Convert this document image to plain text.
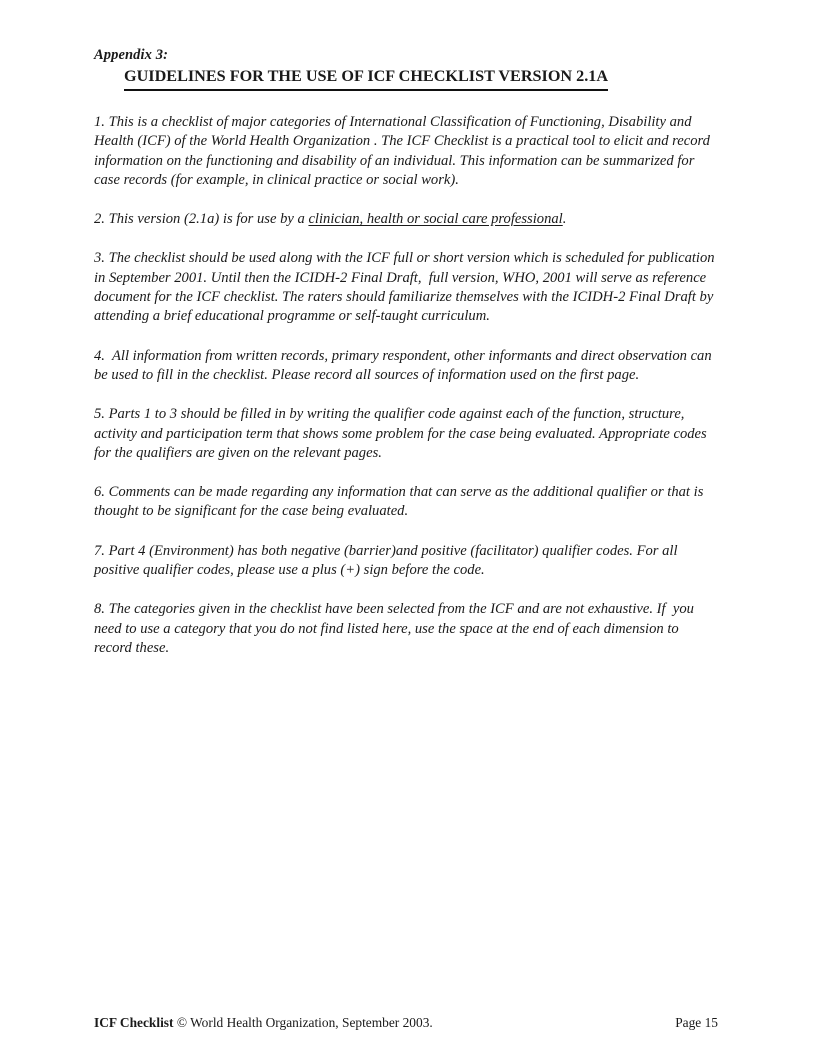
Appendix 3:
GUIDELINES FOR THE USE OF ICF CHECKLIST VERSION 2.1A

1. This is a checklist of major categories of International Classification of Functioning, Disability and Health (ICF) of the World Health Organization . The ICF Checklist is a practical tool to elicit and record information on the functioning and disability of an individual. This information can be summarized for case records (for example, in clinical practice or social work).

2. This version (2.1a) is for use by a clinician, health or social care professional.

3. The checklist should be used along with the ICF full or short version which is scheduled for publication in September 2001. Until then the ICIDH-2 Final Draft,  full version, WHO, 2001 will serve as reference document for the ICF checklist. The raters should familiarize themselves with the ICIDH-2 Final Draft by attending a brief educational programme or self-taught curriculum.

4.  All information from written records, primary respondent, other informants and direct observation can be used to fill in the checklist. Please record all sources of information used on the first page.

5. Parts 1 to 3 should be filled in by writing the qualifier code against each of the function, structure, activity and participation term that shows some problem for the case being evaluated. Appropriate codes for the qualifiers are given on the relevant pages.

6. Comments can be made regarding any information that can serve as the additional qualifier or that is thought to be significant for the case being evaluated.

7. Part 4 (Environment) has both negative (barrier)and positive (facilitator) qualifier codes. For all positive qualifier codes, please use a plus (+) sign before the code.

8. The categories given in the checklist have been selected from the ICF and are not exhaustive. If  you need to use a category that you do not find listed here, use the space at the end of each dimension to record these.

ICF Checklist © World Health Organization, September 2003.	Page 15
